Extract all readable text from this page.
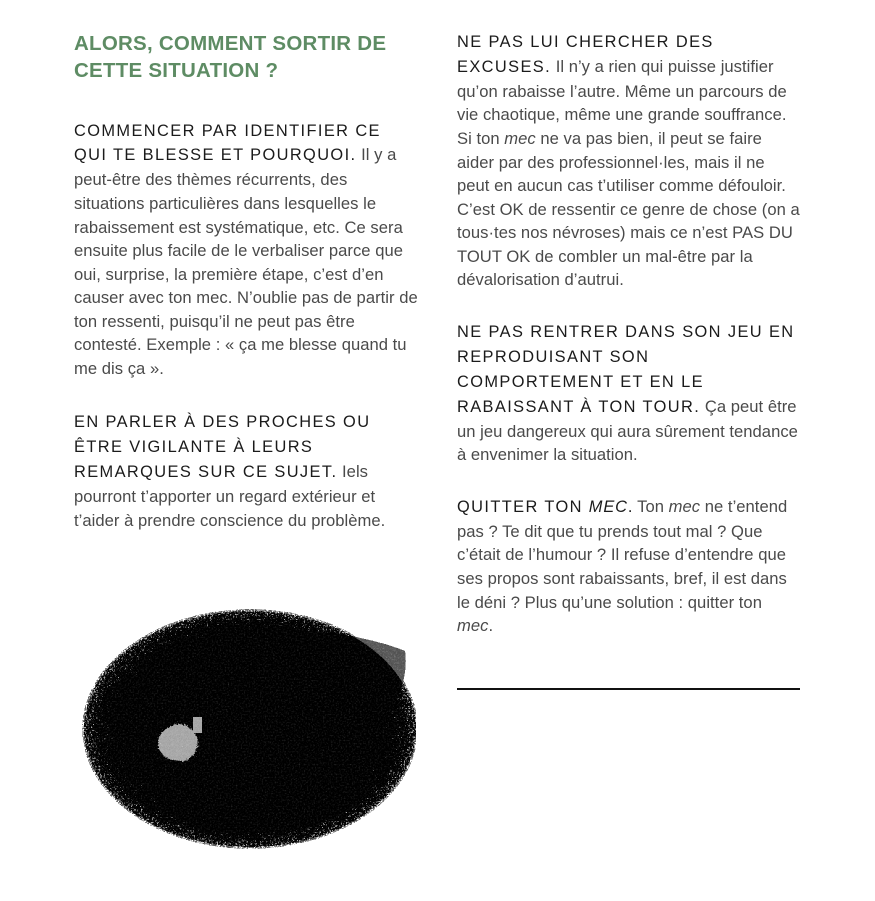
ALORS, COMMENT SORTIR DE CETTE SITUATION ?

COMMENCER PAR IDENTIFIER CE QUI TE BLESSE ET POURQUOI. Il y a peut-être des thèmes récurrents, des situations particulières dans lesquelles le rabaissement est systématique, etc. Ce sera ensuite plus facile de le verbaliser parce que oui, surprise, la première étape, c’est d’en causer avec ton mec. N’oublie pas de partir de ton ressenti, puisqu’il ne peut pas être contesté. Exemple : « ça me blesse quand tu me dis ça ».

EN PARLER À DES PROCHES OU ÊTRE VIGILANTE À LEURS REMARQUES SUR CE SUJET. Iels pourront t’apporter un regard extérieur et t’aider à prendre conscience du problème.

NE PAS LUI CHERCHER DES EXCUSES. Il n’y a rien qui puisse justifier qu’on rabaisse l’autre. Même un parcours de vie chaotique, même une grande souffrance. Si ton mec ne va pas bien, il peut se faire aider par des professionnel·les, mais il ne peut en aucun cas t’utiliser comme défouloir. C’est OK de ressentir ce genre de chose (on a tous·tes nos névroses) mais ce n’est PAS DU TOUT OK de combler un mal-être par la dévalorisation d’autrui.

NE PAS RENTRER DANS SON JEU EN REPRODUISANT SON COMPORTEMENT ET EN LE RABAISSANT À TON TOUR. Ça peut être un jeu dangereux qui aura sûrement tendance à envenimer la situation.

QUITTER TON MEC. Ton mec ne t’entend pas ? Te dit que tu prends tout mal ? Que c’était de l’humour ? Il refuse d’entendre que ses propos sont rabaissants, bref, il est dans le déni ? Plus qu’une solution : quitter ton mec.
